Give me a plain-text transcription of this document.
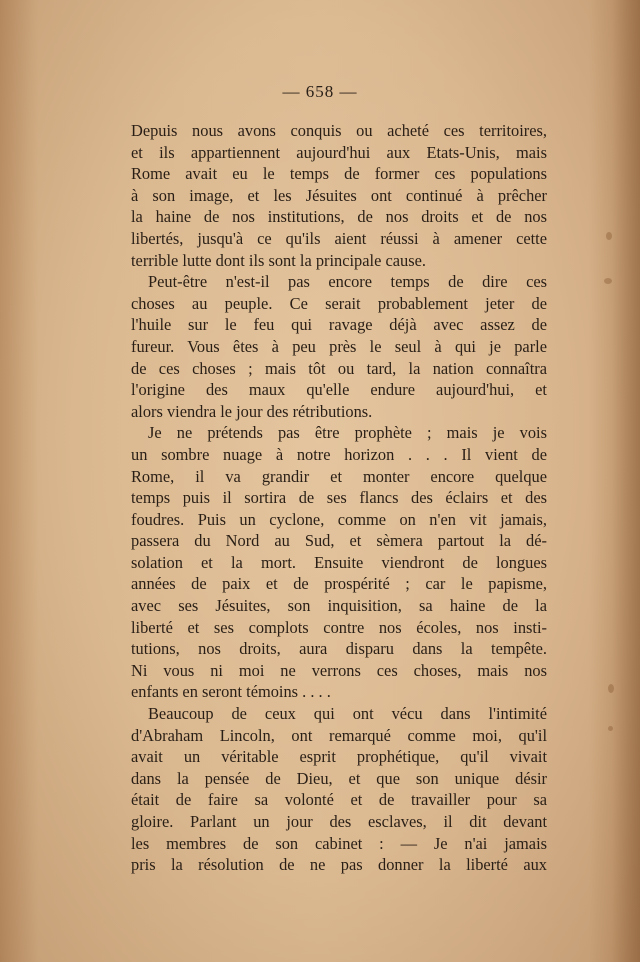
— 658 —
Depuis nous avons conquis ou acheté ces territoires,
et ils appartiennent aujourd'hui aux Etats-Unis, mais
Rome avait eu le temps de former ces populations
à son image, et les Jésuites ont continué à prêcher
la haine de nos institutions, de nos droits et de nos
libertés, jusqu'à ce qu'ils aient réussi à amener cette
terrible lutte dont ils sont la principale cause.
Peut-être n'est-il pas encore temps de dire ces
choses au peuple. Ce serait probablement jeter de
l'huile sur le feu qui ravage déjà avec assez de
fureur. Vous êtes à peu près le seul à qui je parle
de ces choses ; mais tôt ou tard, la nation connaîtra
l'origine des maux qu'elle endure aujourd'hui, et
alors viendra le jour des rétributions.
Je ne prétends pas être prophète ; mais je vois
un sombre nuage à notre horizon . . . Il vient de
Rome, il va grandir et monter encore quelque
temps puis il sortira de ses flancs des éclairs et des
foudres. Puis un cyclone, comme on n'en vit jamais,
passera du Nord au Sud, et sèmera partout la dé-
solation et la mort. Ensuite viendront de longues
années de paix et de prospérité ; car le papisme,
avec ses Jésuites, son inquisition, sa haine de la
liberté et ses complots contre nos écoles, nos insti-
tutions, nos droits, aura disparu dans la tempête.
Ni vous ni moi ne verrons ces choses, mais nos
enfants en seront témoins . . . .
Beaucoup de ceux qui ont vécu dans l'intimité
d'Abraham Lincoln, ont remarqué comme moi, qu'il
avait un véritable esprit prophétique, qu'il vivait
dans la pensée de Dieu, et que son unique désir
était de faire sa volonté et de travailler pour sa
gloire. Parlant un jour des esclaves, il dit devant
les membres de son cabinet : — Je n'ai jamais
pris la résolution de ne pas donner la liberté aux
